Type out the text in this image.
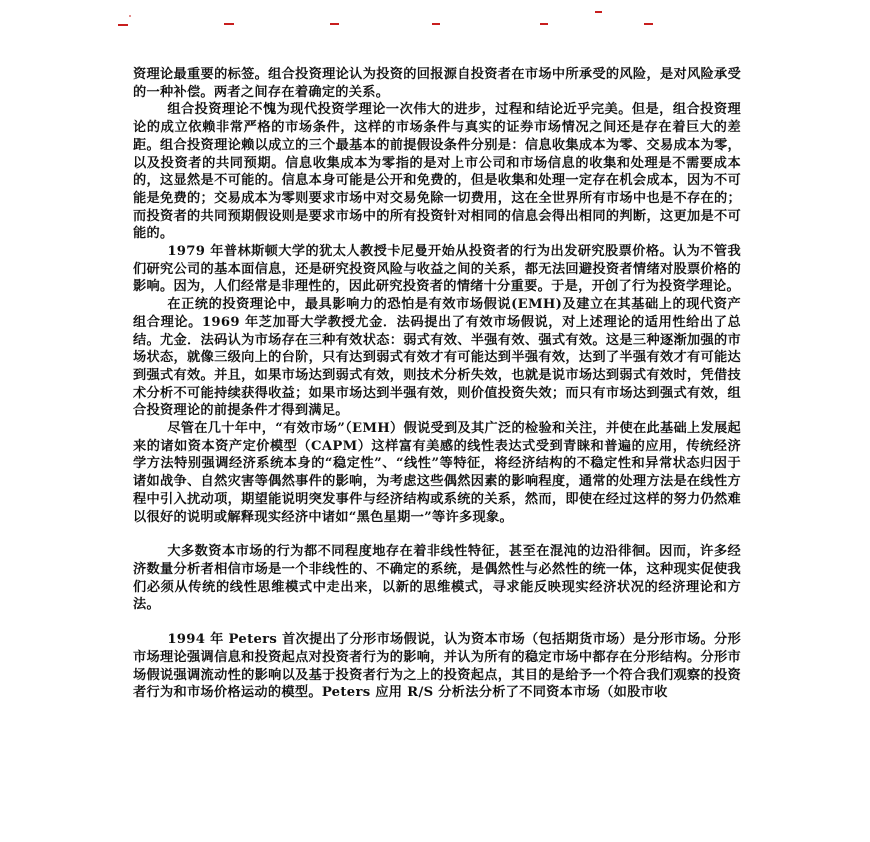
资理论最重要的标签。组合投资理论认为投资的回报源自投资者在市场中所承受的风险，是对风险承受的一种补偿。两者之间存在着确定的关系。

组合投资理论不愧为现代投资学理论一次伟大的进步，过程和结论近乎完美。但是，组合投资理论的成立依赖非常严格的市场条件，这样的市场条件与真实的证券市场情况之间还是存在着巨大的差距。组合投资理论赖以成立的三个最基本的前提假设条件分别是：信息收集成本为零、交易成本为零，以及投资者的共同预期。信息收集成本为零指的是对上市公司和市场信息的收集和处理是不需要成本的，这显然是不可能的。信息本身可能是公开和免费的，但是收集和处理一定存在机会成本，因为不可能是免费的；交易成本为零则要求市场中对交易免除一切费用，这在全世界所有市场中也是不存在的；而投资者的共同预期假设则是要求市场中的所有投资针对相同的信息会得出相同的判断，这更加是不可能的。

1979 年普林斯顿大学的犹太人教授卡尼曼开始从投资者的行为出发研究股票价格。认为不管我们研究公司的基本面信息，还是研究投资风险与收益之间的关系，都无法回避投资者情绪对股票价格的影响。因为，人们经常是非理性的，因此研究投资者的情绪十分重要。于是，开创了行为投资学理论。

在正统的投资理论中，最具影响力的恐怕是有效市场假说(EMH)及建立在其基础上的现代资产组合理论。1969 年芝加哥大学教授尤金．法码提出了有效市场假说，对上述理论的适用性给出了总结。尤金．法码认为市场存在三种有效状态：弱式有效、半强有效、强式有效。这是三种逐渐加强的市场状态，就像三级向上的台阶，只有达到弱式有效才有可能达到半强有效，达到了半强有效才有可能达到强式有效。并且，如果市场达到弱式有效，则技术分析失效，也就是说市场达到弱式有效时，凭借技术分析不可能持续获得收益；如果市场达到半强有效，则价值投资失效；而只有市场达到强式有效，组合投资理论的前提条件才得到满足。

尽管在几十年中，“有效市场”（EMH）假说受到及其广泛的检验和关注，并使在此基础上发展起来的诸如资本资产定价模型（CAPM）这样富有美感的线性表达式受到青睐和普遍的应用，传统经济学方法特别强调经济系统本身的“稳定性”、“线性”等特征，将经济结构的不稳定性和异常状态归因于诸如战争、自然灾害等偶然事件的影响，为考虑这些偶然因素的影响程度，通常的处理方法是在线性方程中引入扰动项，期望能说明突发事件与经济结构或系统的关系，然而，即使在经过这样的努力仍然难以很好的说明或解释现实经济中诸如“黑色星期一”等许多现象。

大多数资本市场的行为都不同程度地存在着非线性特征，甚至在混沌的边沿徘徊。因而，许多经济数量分析者相信市场是一个非线性的、不确定的系统，是偶然性与必然性的统一体，这种现实促使我们必须从传统的线性思维模式中走出来，以新的思维模式，寻求能反映现实经济状况的经济理论和方法。

1994 年 Peters 首次提出了分形市场假说，认为资本市场（包括期货市场）是分形市场。分形市场理论强调信息和投资起点对投资者行为的影响，并认为所有的稳定市场中都存在分形结构。分形市场假说强调流动性的影响以及基于投资者行为之上的投资起点，其目的是给予一个符合我们观察的投资者行为和市场价格运动的模型。Peters 应用 R/S 分析法分析了不同资本市场（如股市收
